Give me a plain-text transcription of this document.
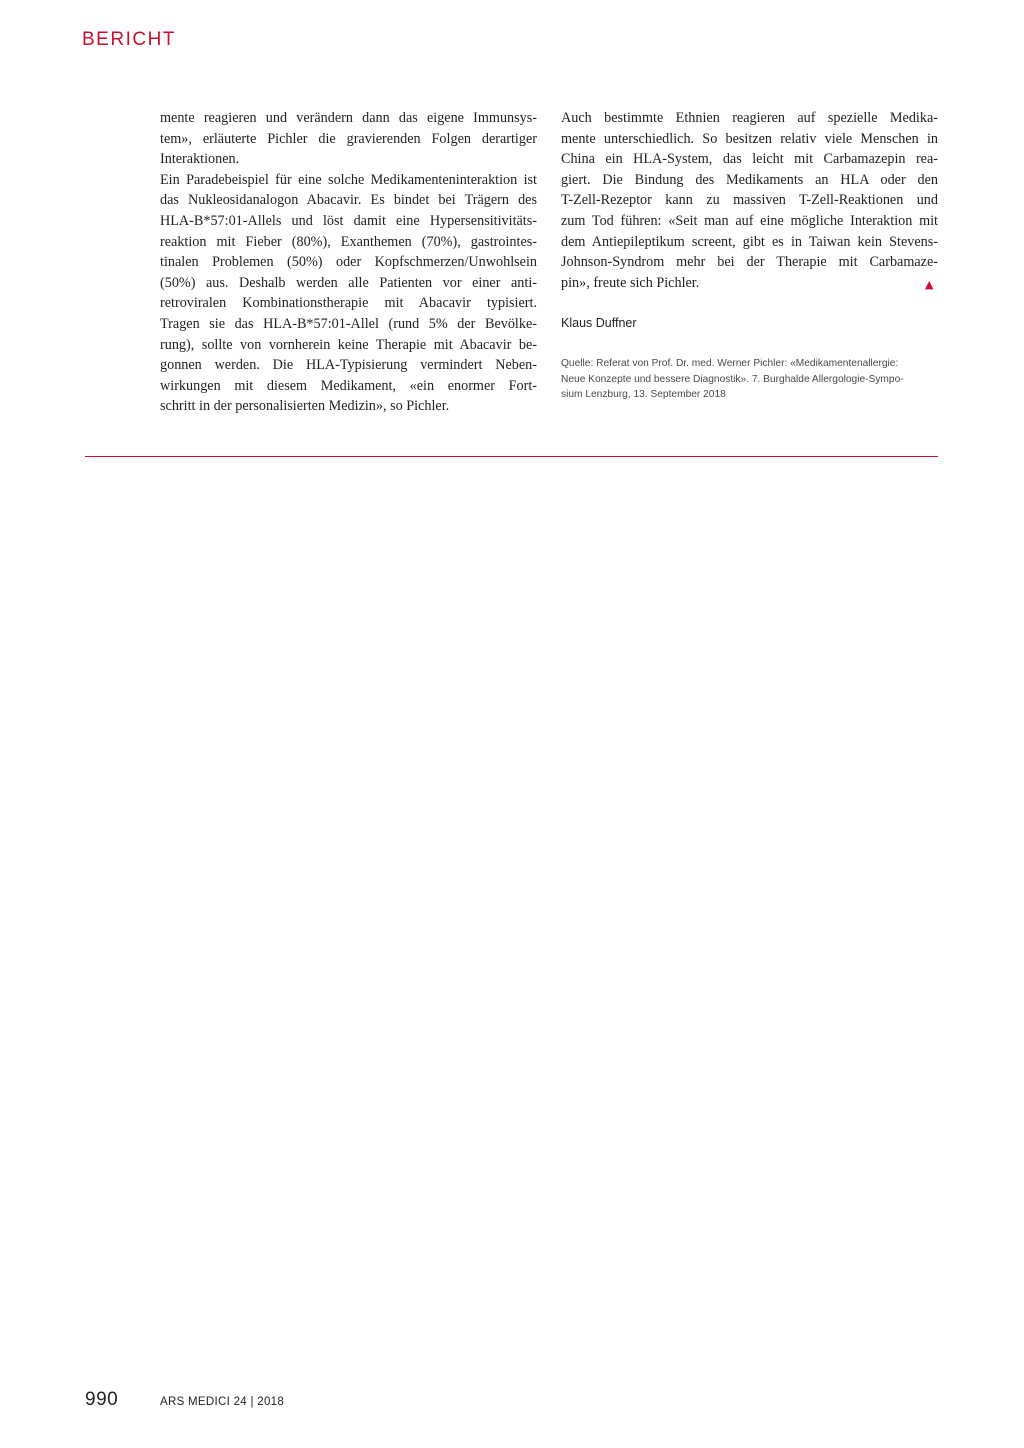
BERICHT
mente reagieren und verändern dann das eigene Immunsys-
tem», erläuterte Pichler die gravierenden Folgen derartiger
Interaktionen.
Ein Paradebeispiel für eine solche Medikamenteninteraktion ist
das Nukleosidanalogon Abacavir. Es bindet bei Trägern des
HLA-B*57:01-Allels und löst damit eine Hypersensitivitäts-
reaktion mit Fieber (80%), Exanthemen (70%), gastrointes-
tinalen Problemen (50%) oder Kopfschmerzen/Unwohlsein
(50%) aus. Deshalb werden alle Patienten vor einer anti-
retroviralen Kombinationstherapie mit Abacavir typisiert.
Tragen sie das HLA-B*57:01-Allel (rund 5% der Bevölke-
rung), sollte von vornherein keine Therapie mit Abacavir be-
gonnen werden. Die HLA-Typisierung vermindert Neben-
wirkungen mit diesem Medikament, «ein enormer Fort-
schritt in der personalisierten Medizin», so Pichler.
Auch bestimmte Ethnien reagieren auf spezielle Medika-
mente unterschiedlich. So besitzen relativ viele Menschen in
China ein HLA-System, das leicht mit Carbamazepin rea-
giert. Die Bindung des Medikaments an HLA oder den
T-Zell-Rezeptor kann zu massiven T-Zell-Reaktionen und
zum Tod führen: «Seit man auf eine mögliche Interaktion mit
dem Antiepileptikum screent, gibt es in Taiwan kein Stevens-
Johnson-Syndrom mehr bei der Therapie mit Carbamaze-
pin», freute sich Pichler.	▲
Klaus Duffner
Quelle: Referat von Prof. Dr. med. Werner Pichler: «Medikamentenallergie:
Neue Konzepte und bessere Diagnostik». 7. Burghalde Allergologie-Sympo-
sium Lenzburg, 13. September 2018
990	ARS MEDICI 24 | 2018
